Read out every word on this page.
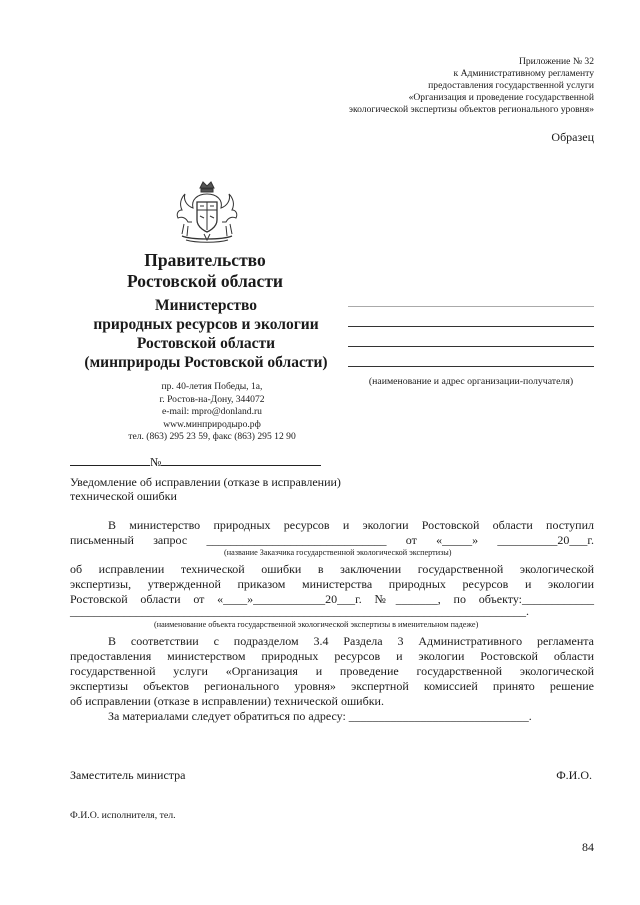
Приложение № 32
к Административному регламенту
предоставления государственной услуги
«Организация и проведение государственной
экологической экспертизы объектов регионального уровня»
Образец
Правительство
Ростовской области
Министерство
природных ресурсов и экологии
Ростовской области
(минприроды Ростовской области)
пр. 40-летия Победы, 1а,
г. Ростов-на-Дону, 344072
e-mail: mpro@donland.ru
www.минприродыро.рф
тел. (863) 295 23 59, факс (863) 295 12 90
(наименование и адрес организации-получателя)
№
Уведомление об исправлении (отказе в исправлении)
технической ошибки
В министерство природных ресурсов и экологии Ростовской области поступил
письменный запрос ______________________________ от «_____» __________20___г.
(название Заказчика государственной экологической экспертизы)
об исправлении технической ошибки в заключении государственной экологической
экспертизы, утвержденной приказом министерства природных ресурсов и экологии
Ростовской области от «____»____________20___г. №_______, по объекту:____________
____________________________________________________________________________.
(наименование объекта государственной экологической экспертизы в именительном падеже)
В соответствии с подразделом 3.4 Раздела 3 Административного регламента
предоставления министерством природных ресурсов и экологии Ростовской области
государственной услуги «Организация и проведение государственной экологической
экспертизы объектов регионального уровня» экспертной комиссией принято решение
об исправлении (отказе в исправлении) технической ошибки.
За материалами следует обратиться по адресу: ______________________________.
Заместитель министра	Ф.И.О.
Ф.И.О. исполнителя, тел.
84
